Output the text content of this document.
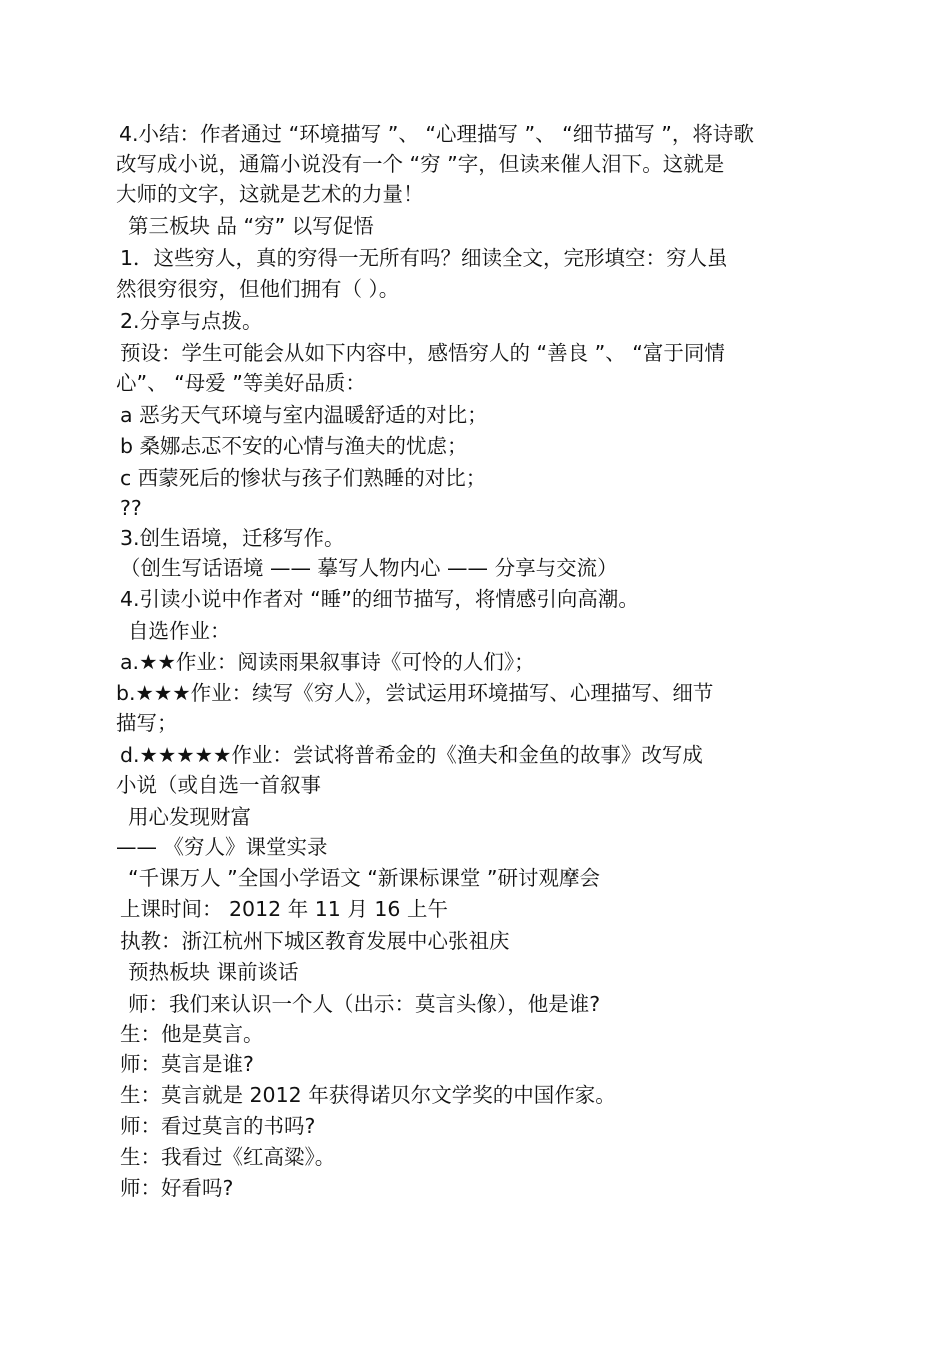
4.小结：作者通过 “环境描写 ”、 “心理描写 ”、 “细节描写 ”，将诗歌
改写成小说，通篇小说没有一个 “穷 ”字，但读来催人泪下。这就是
大师的文字，这就是艺术的力量！
第三板块 品 “穷” 以写促悟
1．这些穷人，真的穷得一无所有吗？细读全文，完形填空：穷人虽
然很穷很穷，但他们拥有（ ）。
2.分享与点拨。
预设：学生可能会从如下内容中，感悟穷人的 “善良 ”、 “富于同情
心”、 “母爱 ”等美好品质：
a 恶劣天气环境与室内温暖舒适的对比；
b 桑娜忐忑不安的心情与渔夫的忧虑；
c 西蒙死后的惨状与孩子们熟睡的对比；
??
3.创生语境，迁移写作。
（创生写话语境 —— 摹写人物内心 —— 分享与交流）
4.引读小说中作者对 “睡”的细节描写，将情感引向高潮。
自选作业：
a.★★作业：阅读雨果叙事诗《可怜的人们》；
b.★★★作业：续写《穷人》，尝试运用环境描写、心理描写、细节
描写；
d.★★★★★作业：尝试将普希金的《渔夫和金鱼的故事》改写成
小说（或自选一首叙事
用心发现财富
—— 《穷人》课堂实录
“千课万人 ”全国小学语文 “新课标课堂 ”研讨观摩会
上课时间： 2012 年 11 月 16 上午
执教：浙江杭州下城区教育发展中心张祖庆
预热板块 课前谈话
师：我们来认识一个人（出示：莫言头像），他是谁?
生：他是莫言。
师：莫言是谁?
生：莫言就是 2012 年获得诺贝尔文学奖的中国作家。
师：看过莫言的书吗?
生：我看过《红高粱》。
师：好看吗?
